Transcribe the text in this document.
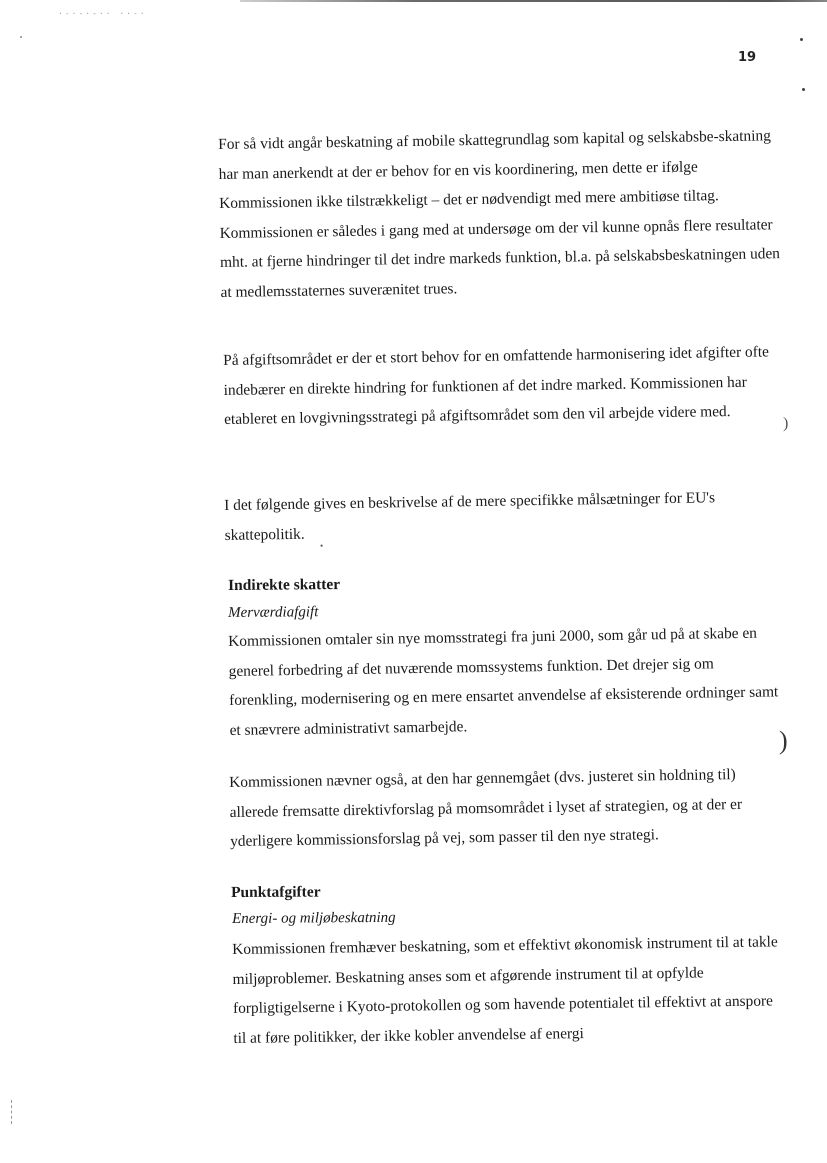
·-·-·-·· ··-·
19

For så vidt angår beskatning af mobile skattegrundlag som kapital og selskabsbe-skatning har man anerkendt at der er behov for en vis koordinering, men dette er ifølge Kommissionen ikke tilstrækkeligt – det er nødvendigt med mere ambitiøse tiltag. Kommissionen er således i gang med at undersøge om der vil kunne opnås flere resultater mht. at fjerne hindringer til det indre markeds funktion, bl.a. på selskabsbeskatningen uden at medlemsstaternes suverænitet trues.

På afgiftsområdet er der et stort behov for en omfattende harmonisering idet afgifter ofte indebærer en direkte hindring for funktionen af det indre marked. Kommissionen har etableret en lovgivningsstrategi på afgiftsområdet som den vil arbejde videre med.

I det følgende gives en beskrivelse af de mere specifikke målsætninger for EU's skattepolitik.

•
Indirekte skatter
Merværdiafgift

Kommissionen omtaler sin nye momsstrategi fra juni 2000, som går ud på at skabe en generel forbedring af det nuværende momssystems funktion. Det drejer sig om forenkling, modernisering og en mere ensartet anvendelse af eksisterende ordninger samt et snævrere administrativt samarbejde.

Kommissionen nævner også, at den har gennemgået (dvs. justeret sin holdning til) allerede fremsatte direktivforslag på momsområdet i lyset af strategien, og at der er yderligere kommissionsforslag på vej, som passer til den nye strategi.

Punktafgifter
Energi- og miljøbeskatning

Kommissionen fremhæver beskatning, som et effektivt økonomisk instrument til at takle miljøproblemer. Beskatning anses som et afgørende instrument til at opfylde forpligtigelserne i Kyoto-protokollen og som havende potentialet til effektivt at anspore til at føre politikker, der ikke kobler anvendelse af energi

)
)
